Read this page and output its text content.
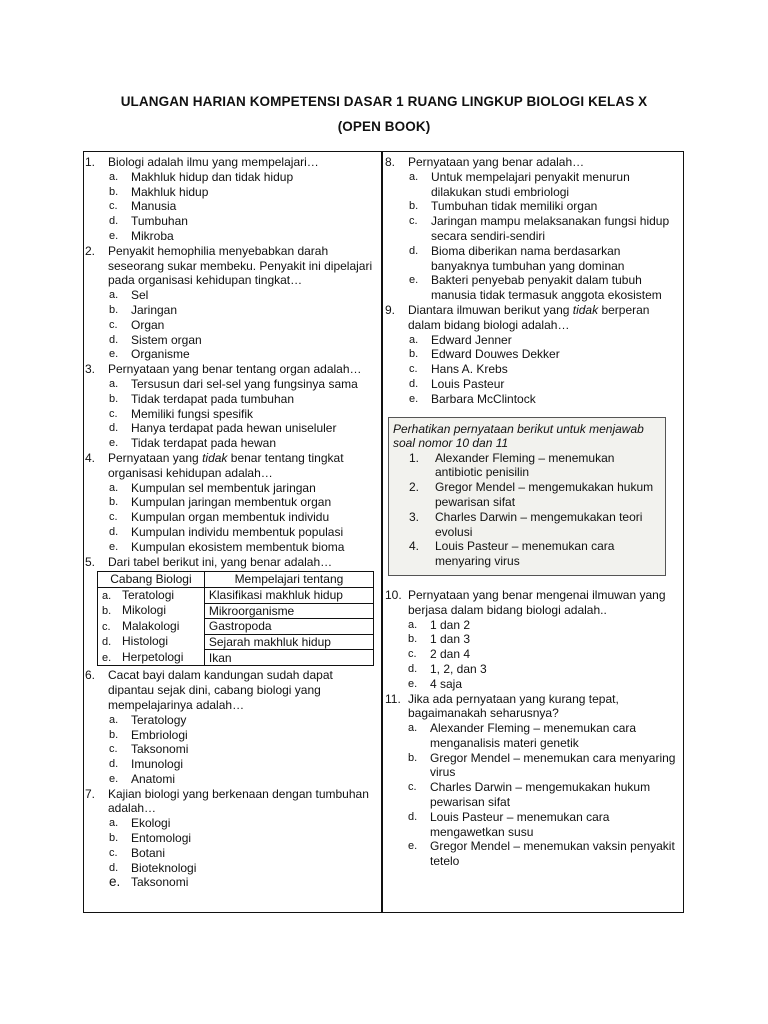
ULANGAN HARIAN KOMPETENSI DASAR 1 RUANG LINGKUP BIOLOGI KELAS X
(OPEN BOOK)
1.	Biologi adalah ilmu yang mempelajari…
a.	Makhluk hidup dan tidak hidup
b.	Makhluk hidup
c.	Manusia
d.	Tumbuhan
e.	Mikroba
2.	Penyakit hemophilia menyebabkan darah seseorang sukar membeku. Penyakit ini dipelajari pada organisasi kehidupan tingkat…
a.	Sel
b.	Jaringan
c.	Organ
d.	Sistem organ
e.	Organisme
3.	Pernyataan yang benar tentang organ adalah…
a.	Tersusun dari sel-sel yang fungsinya sama
b.	Tidak terdapat pada tumbuhan
c.	Memiliki fungsi spesifik
d.	Hanya terdapat pada hewan uniseluler
e.	Tidak terdapat pada hewan
4.	Pernyataan yang tidak benar tentang tingkat organisasi kehidupan adalah…
a.	Kumpulan sel membentuk jaringan
b.	Kumpulan jaringan membentuk organ
c.	Kumpulan organ membentuk individu
d.	Kumpulan individu membentuk populasi
e.	Kumpulan ekosistem membentuk bioma
5.	Dari tabel berikut ini, yang benar adalah…
Cabang Biologi	Mempelajari tentang
a. Teratologi	Klasifikasi makhluk hidup
b. Mikologi	Mikroorganisme
c. Malakologi	Gastropoda
d. Histologi	Sejarah makhluk hidup
e. Herpetologi	Ikan
6.	Cacat bayi dalam kandungan sudah dapat dipantau sejak dini, cabang biologi yang mempelajarinya adalah…
a.	Teratology
b.	Embriologi
c.	Taksonomi
d.	Imunologi
e.	Anatomi
7.	Kajian biologi yang berkenaan dengan tumbuhan adalah…
a.	Ekologi
b.	Entomologi
c.	Botani
d.	Bioteknologi
e. Taksonomi
8.	Pernyataan yang benar adalah…
a.	Untuk mempelajari penyakit menurun dilakukan studi embriologi
b.	Tumbuhan tidak memiliki organ
c.	Jaringan mampu melaksanakan fungsi hidup secara sendiri-sendiri
d.	Bioma diberikan nama berdasarkan banyaknya tumbuhan yang dominan
e.	Bakteri penyebab penyakit dalam tubuh manusia tidak termasuk anggota ekosistem
9.	Diantara ilmuwan berikut yang tidak berperan dalam bidang biologi adalah…
a.	Edward Jenner
b.	Edward Douwes Dekker
c.	Hans A. Krebs
d.	Louis Pasteur
e.	Barbara McClintock
Perhatikan pernyataan berikut untuk menjawab soal nomor 10 dan 11
1.	Alexander Fleming – menemukan antibiotic penisilin
2.	Gregor Mendel – mengemukakan hukum pewarisan sifat
3.	Charles Darwin – mengemukakan teori evolusi
4.	Louis Pasteur – menemukan cara menyaring virus
10. Pernyataan yang benar mengenai ilmuwan yang berjasa dalam bidang biologi adalah..
a.	1 dan 2
b.	1 dan 3
c.	2 dan 4
d.	1, 2, dan 3
e.	4 saja
11. Jika ada pernyataan yang kurang tepat, bagaimanakah seharusnya?
a.	Alexander Fleming – menemukan cara menganalisis materi genetik
b.	Gregor Mendel – menemukan cara menyaring virus
c.	Charles Darwin – mengemukakan hukum pewarisan sifat
d.	Louis Pasteur – menemukan cara mengawetkan susu
e.	Gregor Mendel – menemukan vaksin penyakit tetelo
